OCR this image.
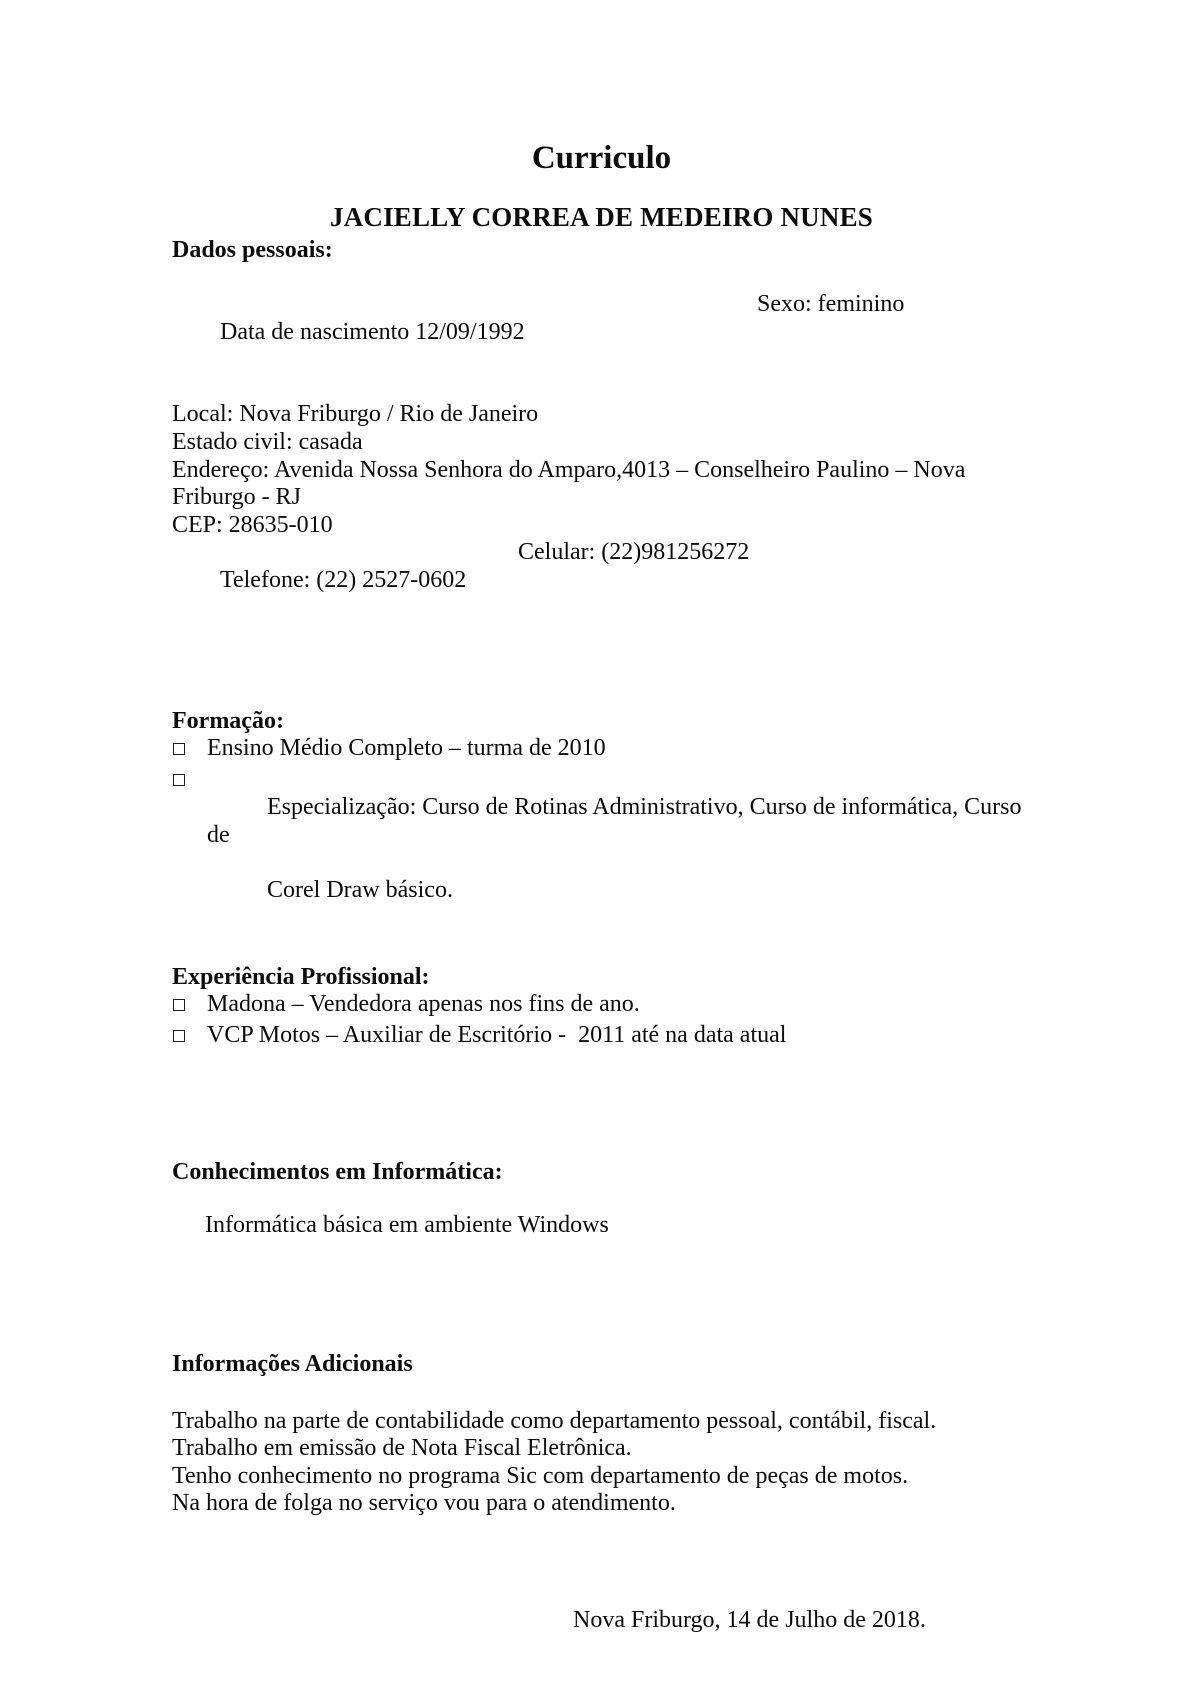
Curriculo
JACIELLY CORREA DE MEDEIRO NUNES
Dados pessoais:

Data de nascimento 12/09/1992

Sexo: feminino

Local: Nova Friburgo / Rio de Janeiro
Estado civil: casada
Endereço: Avenida Nossa Senhora do Amparo,4013 – Conselheiro Paulino – Nova
Friburgo - RJ
CEP: 28635-010

Telefone: (22) 2527-0602

Celular: (22)981256272

Formação:
Ensino Médio Completo – turma de 2010

Especialização: Curso de Rotinas Administrativo, Curso de informática, Curso de

Corel Draw básico.

Experiência Profissional:
Madona – Vendedora apenas nos fins de ano.
VCP Motos – Auxiliar de Escritório -  2011 até na data atual
Conhecimentos em Informática:
Informática básica em ambiente Windows
Informações Adicionais
Trabalho na parte de contabilidade como departamento pessoal, contábil, fiscal.
Trabalho em emissão de Nota Fiscal Eletrônica.
Tenho conhecimento no programa Sic com departamento de peças de motos.
Na hora de folga no serviço vou para o atendimento.
Nova Friburgo, 14 de Julho de 2018.
